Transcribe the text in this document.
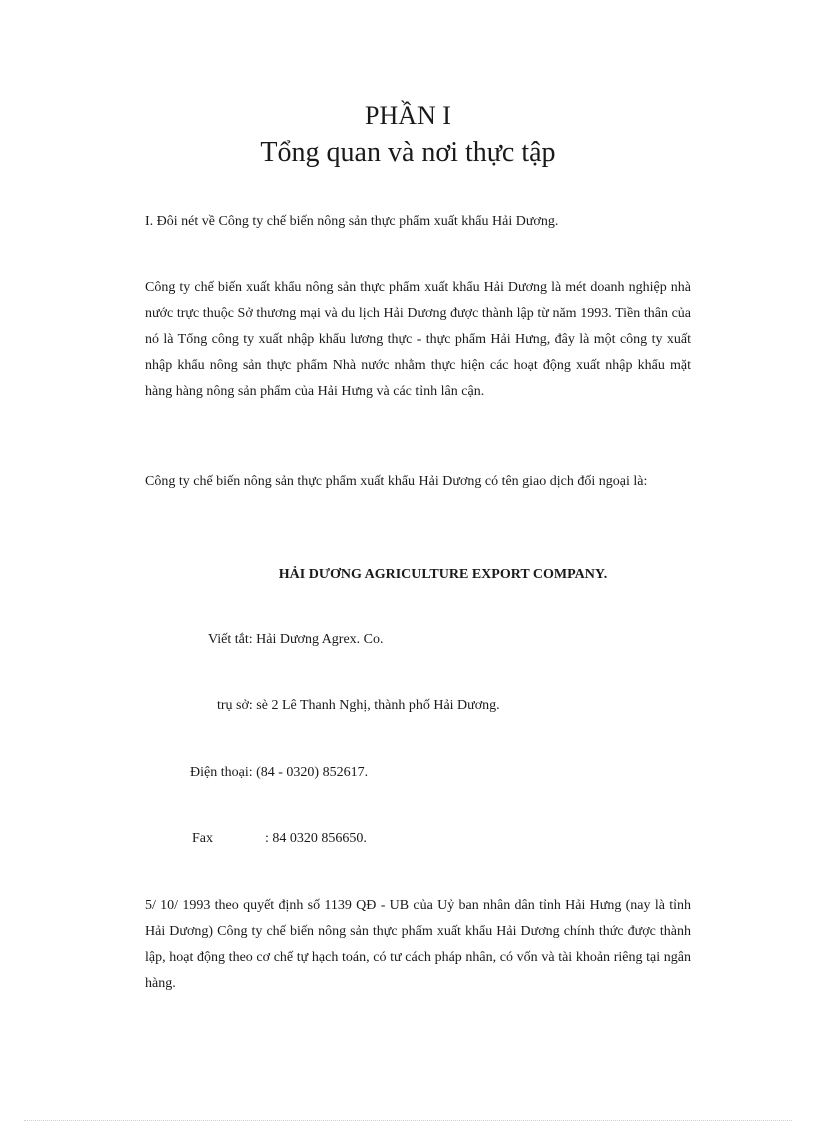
PHẦN I
Tổng quan và nơi thực tập

I. Đôi nét về Công ty chế biến nông sản thực phẩm xuất khẩu Hải Dương.

Công ty chế biến xuất khẩu nông sản thực phẩm xuất khẩu Hải Dương là mét doanh nghiệp nhà nước trực thuộc Sở thương mại và du lịch Hải Dương được thành lập từ năm 1993. Tiền thân của nó là Tổng công ty xuất nhập khẩu lương thực - thực phẩm Hải Hưng, đây là một công ty xuất nhập khẩu nông sản thực phẩm Nhà nước nhằm thực hiện các hoạt động xuất nhập khẩu mặt hàng hàng nông sản phẩm của Hải Hưng và các tỉnh lân cận.

Công ty chế biến nông sản thực phẩm xuất khẩu Hải Dương có tên giao dịch đối ngoại là:

HẢI DƯƠNG AGRICULTURE EXPORT COMPANY.

Viết tắt: Hải Dương Agrex. Co.

trụ sở: sè 2 Lê Thanh Nghị, thành phố Hải Dương.

Điện thoại: (84 - 0320) 852617.

Fax	: 84 0320 856650.

5/ 10/ 1993 theo quyết định số 1139 QĐ - UB của Uỷ ban nhân dân tỉnh Hải Hưng (nay là tỉnh Hải Dương) Công ty chế biến nông sản thực phẩm xuất khẩu Hải Dương chính thức được thành lập, hoạt động theo cơ chế tự hạch toán, có tư cách pháp nhân, có vốn và tài khoản riêng tại ngân hàng.
